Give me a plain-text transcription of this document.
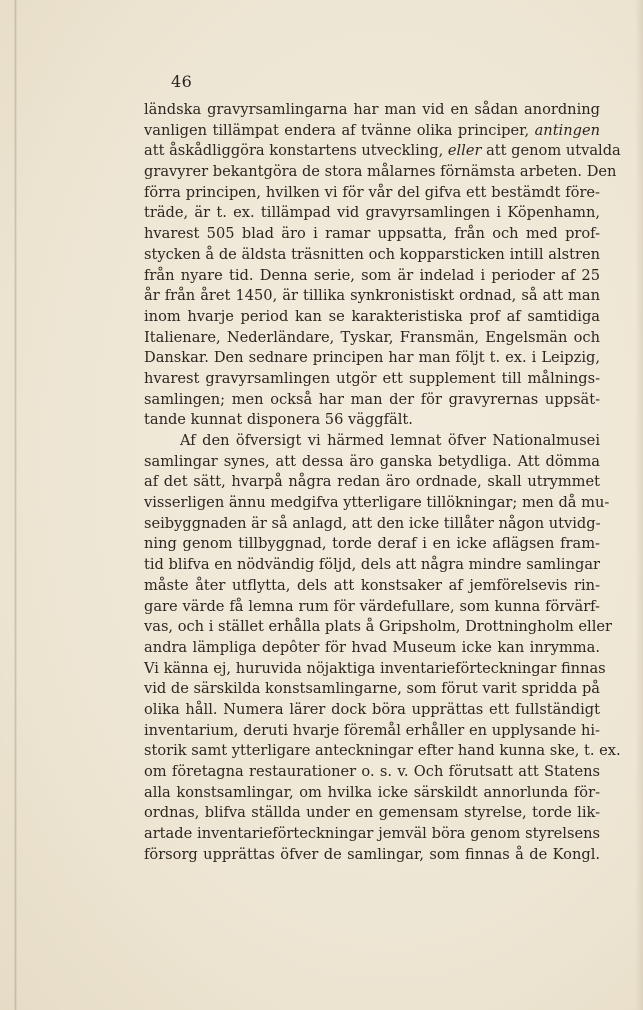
46
ländska gravyrsamlingarna har man vid en sådan anordning
vanligen tillämpat endera af tvänne olika principer, antingen
att åskådliggöra konstartens utveckling, eller att genom utvalda
gravyrer bekantgöra de stora målarnes förnämsta arbeten. Den
förra principen, hvilken vi för vår del gifva ett bestämdt före-
träde, är t. ex. tillämpad vid gravyrsamlingen i Köpenhamn,
hvarest 505 blad äro i ramar uppsatta, från och med prof-
stycken å de äldsta träsnitten och kopparsticken intill alstren
från nyare tid. Denna serie, som är indelad i perioder af 25
år från året 1450, är tillika synkronistiskt ordnad, så att man
inom hvarje period kan se karakteristiska prof af samtidiga
Italienare, Nederländare, Tyskar, Fransmän, Engelsmän och
Danskar. Den sednare principen har man följt t. ex. i Leipzig,
hvarest gravyrsamlingen utgör ett supplement till målnings-
samlingen; men också har man der för gravyrernas uppsät-
tande kunnat disponera 56 väggfält.
Af den öfversigt vi härmed lemnat öfver Nationalmusei
samlingar synes, att dessa äro ganska betydliga. Att dömma
af det sätt, hvarpå några redan äro ordnade, skall utrymmet
visserligen ännu medgifva ytterligare tillökningar; men då mu-
seibyggnaden är så anlagd, att den icke tillåter någon utvidg-
ning genom tillbyggnad, torde deraf i en icke aflägsen fram-
tid blifva en nödvändig följd, dels att några mindre samlingar
måste åter utflytta, dels att konstsaker af jemförelsevis rin-
gare värde få lemna rum för värdefullare, som kunna förvärf-
vas, och i stället erhålla plats å Gripsholm, Drottningholm eller
andra lämpliga depôter för hvad Museum icke kan inrymma.
Vi känna ej, huruvida nöjaktiga inventarieförteckningar finnas
vid de särskilda konstsamlingarne, som förut varit spridda på
olika håll. Numera lärer dock böra upprättas ett fullständigt
inventarium, deruti hvarje föremål erhåller en upplysande hi-
storik samt ytterligare anteckningar efter hand kunna ske, t. ex.
om företagna restaurationer o. s. v. Och förutsatt att Statens
alla konstsamlingar, om hvilka icke särskildt annorlunda för-
ordnas, blifva ställda under en gemensam styrelse, torde lik-
artade inventarieförteckningar jemväl böra genom styrelsens
försorg upprättas öfver de samlingar, som finnas å de Kongl.
